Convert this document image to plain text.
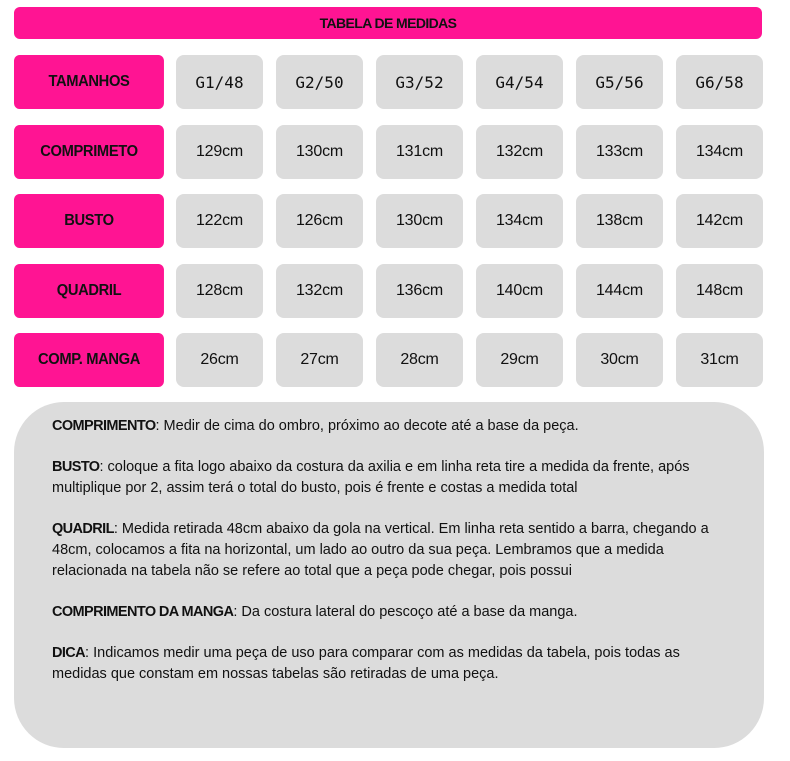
TABELA DE MEDIDAS
TAMANHOS	G1/48	G2/50	G3/52	G4/54	G5/56	G6/58
COMPRIMETO	129cm	130cm	131cm	132cm	133cm	134cm
BUSTO	122cm	126cm	130cm	134cm	138cm	142cm
QUADRIL	128cm	132cm	136cm	140cm	144cm	148cm
COMP. MANGA	26cm	27cm	28cm	29cm	30cm	31cm

COMPRIMENTO: Medir de cima do ombro, próximo ao decote até a base da peça.

BUSTO: coloque a fita logo abaixo da costura da axilia e em linha reta tire a medida da frente, após multiplique por 2, assim terá o total do busto, pois é frente e costas a medida total

QUADRIL: Medida retirada 48cm abaixo da gola na vertical. Em linha reta sentido a barra, chegando a 48cm, colocamos a fita na horizontal, um lado ao outro da sua peça. Lembramos que a medida relacionada na tabela não se refere ao total que a peça pode chegar, pois possui

COMPRIMENTO DA MANGA: Da costura lateral do pescoço até a base da manga.

DICA: Indicamos medir uma peça de uso para comparar com as medidas da tabela, pois todas as medidas que constam em nossas tabelas são retiradas de uma peça.
